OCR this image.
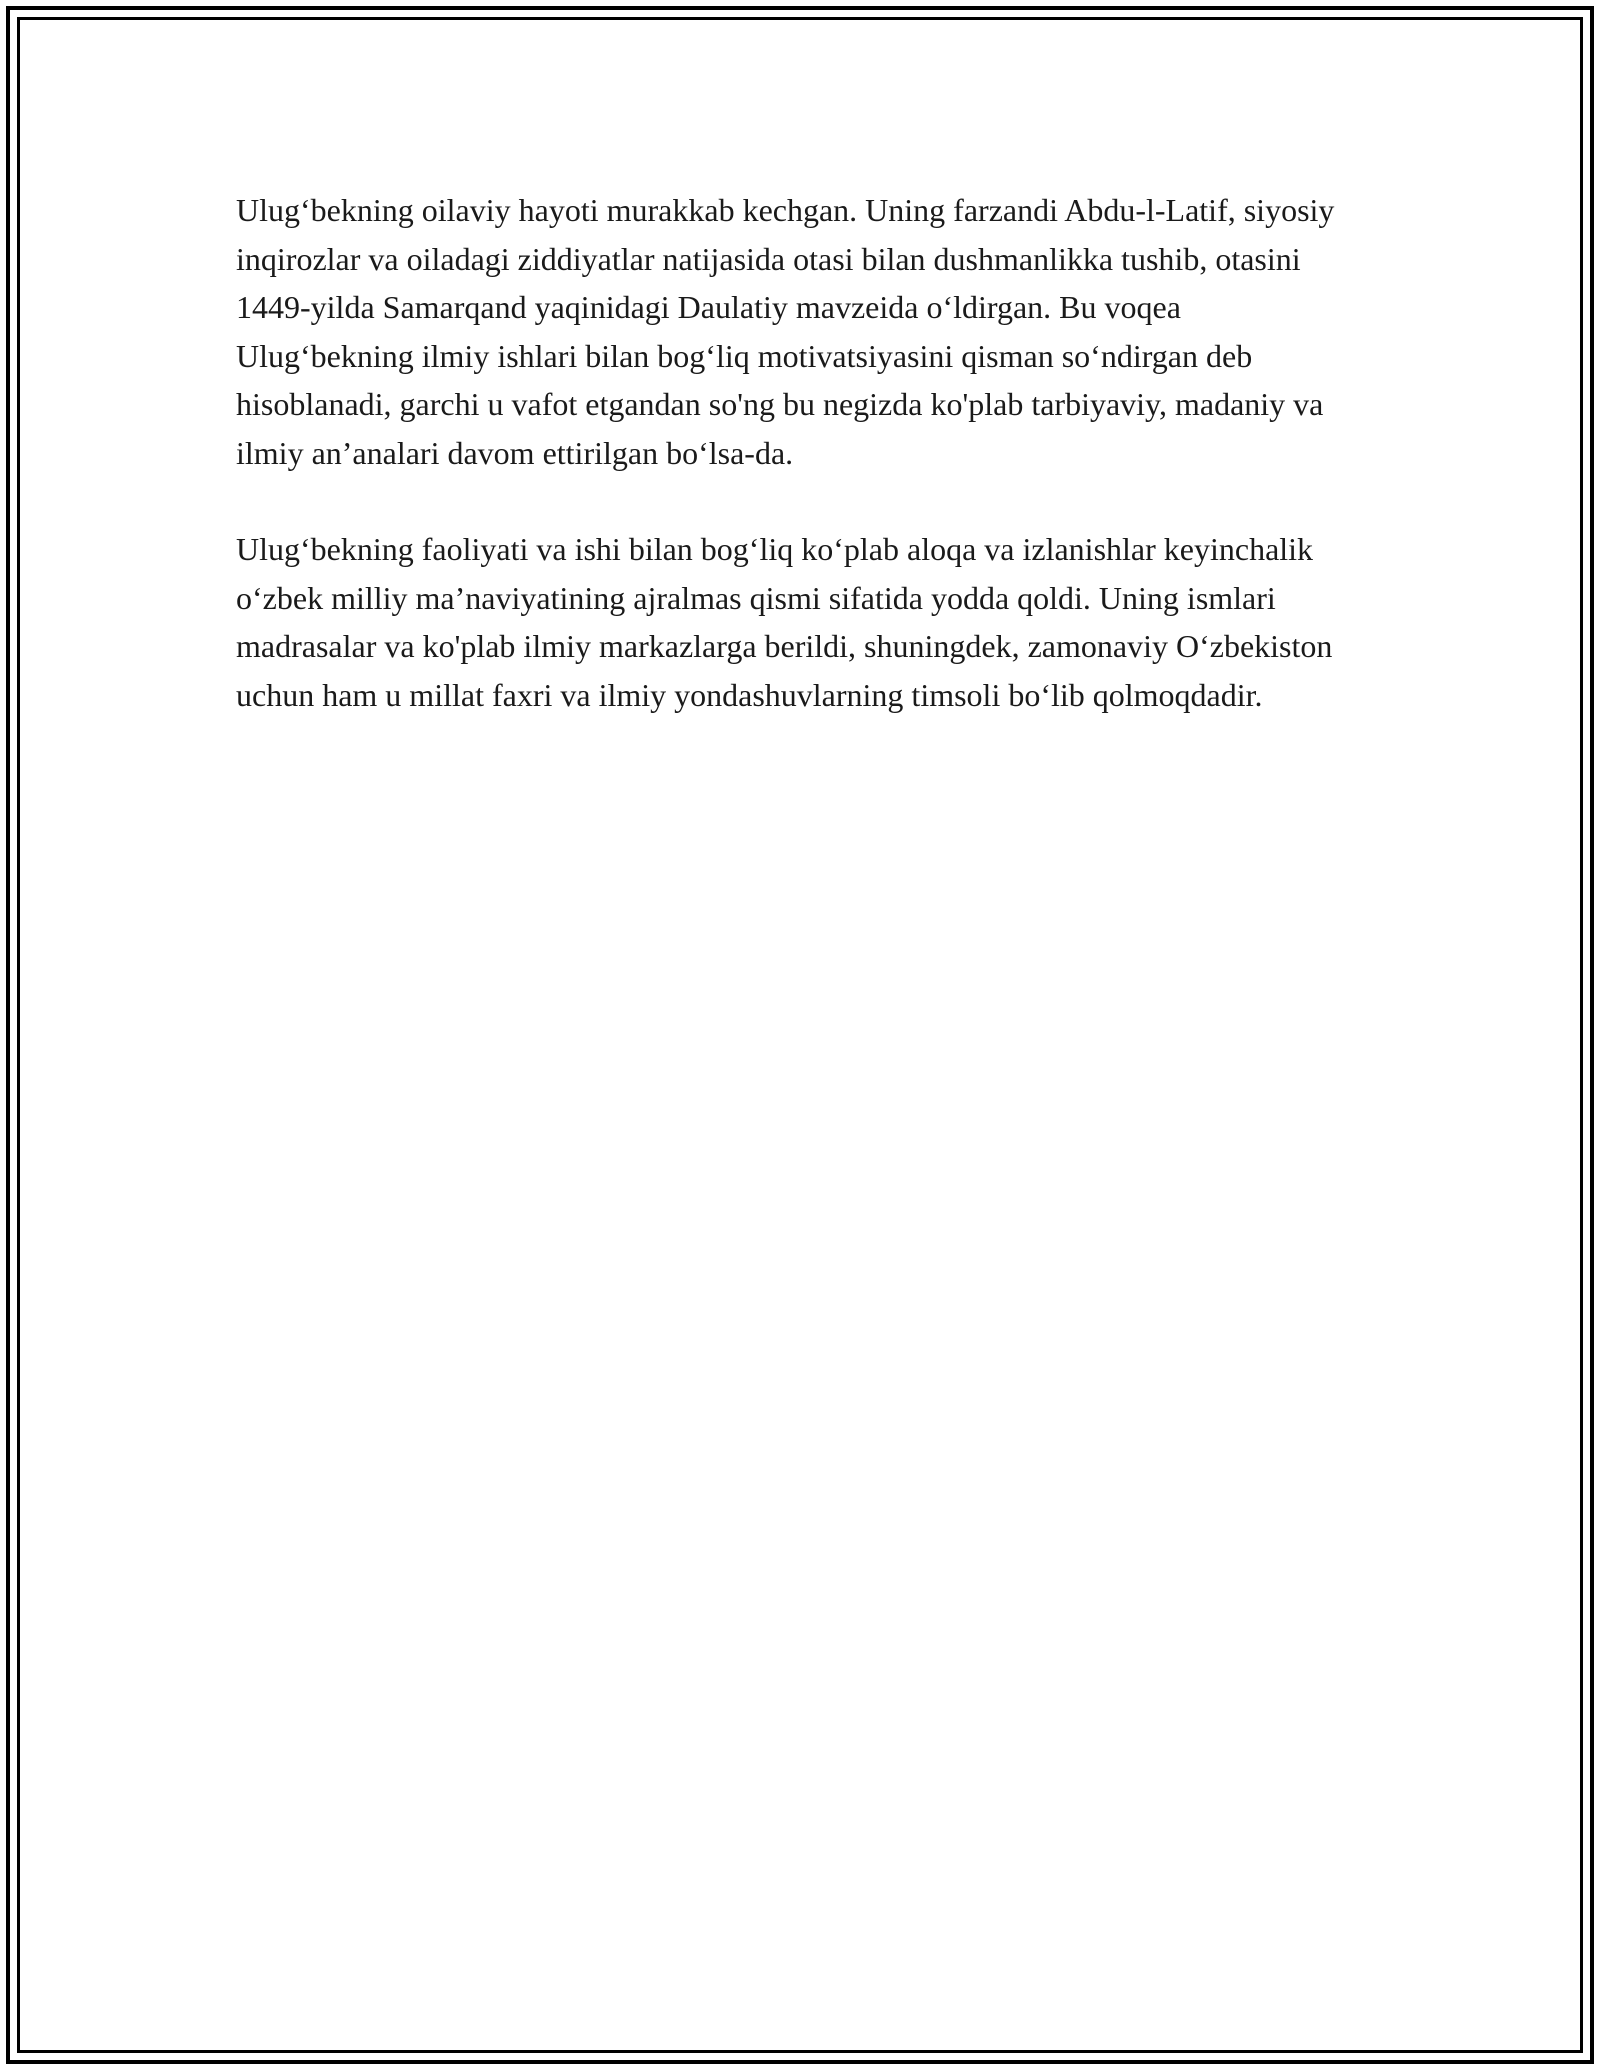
Ulug‘bekning oilaviy hayoti murakkab kechgan. Uning farzandi Abdu-l-Latif, siyosiy inqirozlar va oiladagi ziddiyatlar natijasida otasi bilan dushmanlikka tushib, otasini 1449-yilda Samarqand yaqinidagi Daulatiy mavzeida o‘ldirgan. Bu voqea Ulug‘bekning ilmiy ishlari bilan bog‘liq motivatsiyasini qisman so‘ndirgan deb hisoblanadi, garchi u vafot etgandan so'ng bu negizda ko'plab tarbiyaviy, madaniy va ilmiy an’analari davom ettirilgan bo‘lsa-da.

Ulug‘bekning faoliyati va ishi bilan bog‘liq ko‘plab aloqa va izlanishlar keyinchalik o‘zbek milliy ma’naviyatining ajralmas qismi sifatida yodda qoldi. Uning ismlari madrasalar va ko'plab ilmiy markazlarga berildi, shuningdek, zamonaviy O‘zbekiston uchun ham u millat faxri va ilmiy yondashuvlarning timsoli bo‘lib qolmoqdadir.
